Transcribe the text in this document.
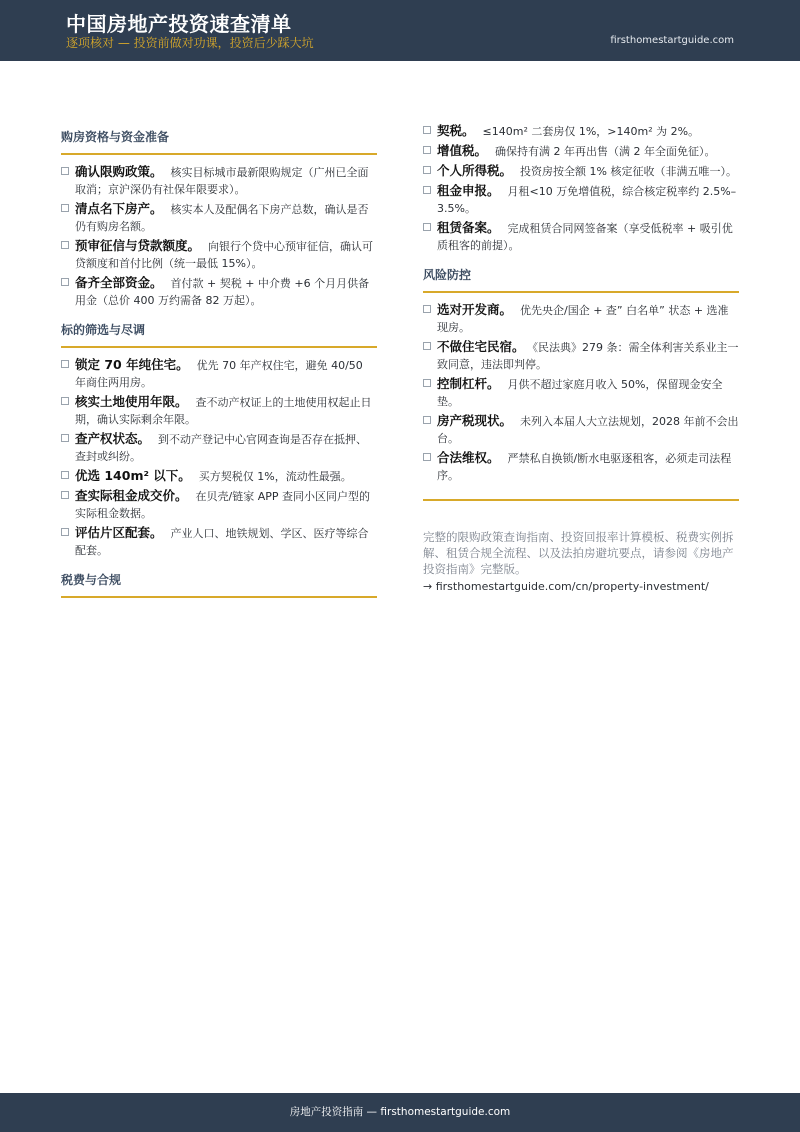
中国房地产投资速查清单
逐项核对 — 投资前做对功课，投资后少踩大坑	firsthomestartguide.com
购房资格与资金准备
确认限购政策。 核实目标城市最新限购规定（广州已全面取消；京沪深仍有社保年限要求）。
清点名下房产。 核实本人及配偶名下房产总数，确认是否仍有购房名额。
预审征信与贷款额度。 向银行个贷中心预审征信，确认可贷额度和首付比例（统一最低 15%）。
备齐全部资金。 首付款 + 契税 + 中介费 +6 个月月供备用金（总价 400 万约需备 82 万起）。
标的筛选与尽调
锁定 70 年纯住宅。 优先 70 年产权住宅，避免 40/50 年商住两用房。
核实土地使用年限。 查不动产权证上的土地使用权起止日期，确认实际剩余年限。
查产权状态。 到不动产登记中心官网查询是否存在抵押、查封或纠纷。
优选 140m² 以下。 买方契税仅 1%，流动性最强。
查实际租金成交价。 在贝壳/链家 APP 查同小区同户型的实际租金数据。
评估片区配套。 产业人口、地铁规划、学区、医疗等综合配套。
税费与合规
契税。 ≤140m² 二套房仅 1%，>140m² 为 2%。
增值税。 确保持有满 2 年再出售（满 2 年全面免征）。
个人所得税。 投资房按全额 1% 核定征收（非满五唯一）。
租金申报。 月租<10 万免增值税，综合核定税率约 2.5%–3.5%。
租赁备案。 完成租赁合同网签备案（享受低税率 + 吸引优质租客的前提）。
风险防控
选对开发商。 优先央企/国企 + 查” 白名单” 状态 + 选准现房。
不做住宅民宿。 《民法典》279 条：需全体利害关系业主一致同意，违法即判停。
控制杠杆。 月供不超过家庭月收入 50%，保留现金安全垫。
房产税现状。 未列入本届人大立法规划，2028 年前不会出台。
合法维权。 严禁私自换锁/断水电驱逐租客，必须走司法程序。
完整的限购政策查询指南、投资回报率计算模板、税费实例拆解、租赁合规全流程、以及法拍房避坑要点，请参阅《房地产投资指南》完整版。
→ firsthomestartguide.com/cn/property-investment/
房地产投资指南 — firsthomestartguide.com
